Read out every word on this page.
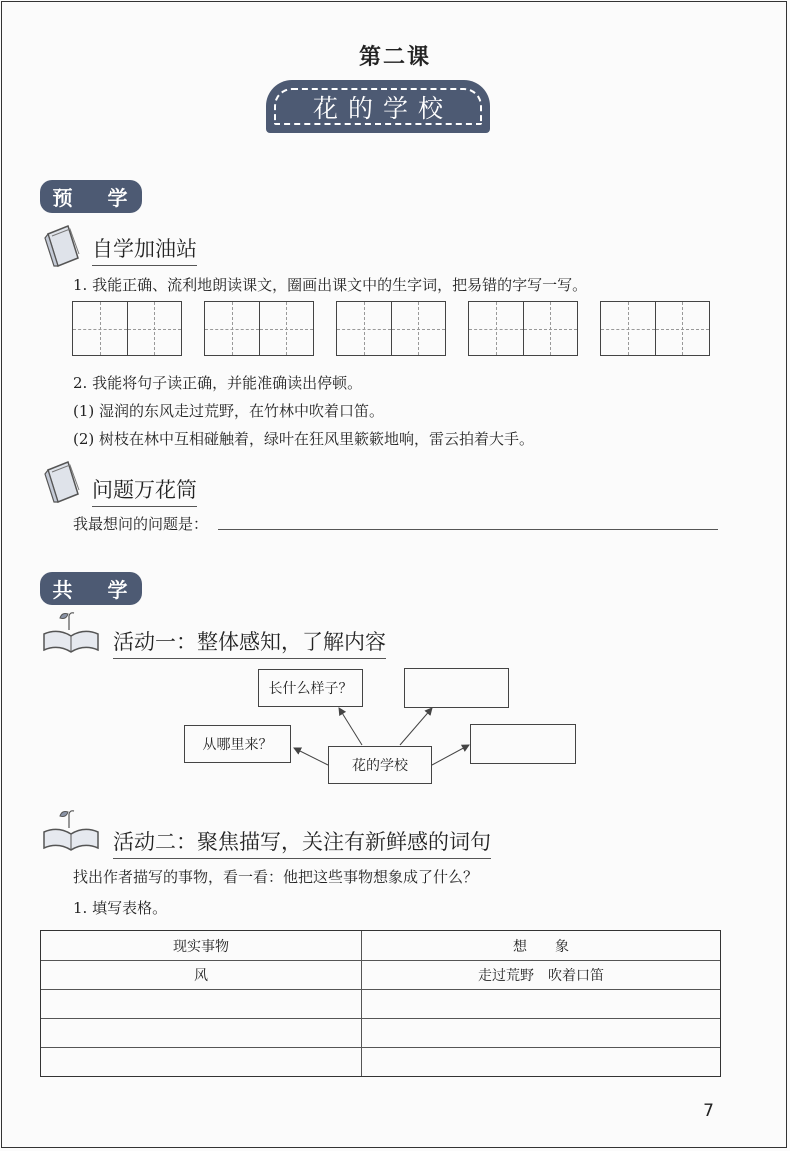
第二课
花的学校
预 学
自学加油站
1. 我能正确、流利地朗读课文，圈画出课文中的生字词，把易错的字写一写。
2. 我能将句子读正确，并能准确读出停顿。
(1) 湿润的东风走过荒野，在竹林中吹着口笛。
(2) 树枝在林中互相碰触着，绿叶在狂风里簌簌地响，雷云拍着大手。
问题万花筒
我最想问的问题是：
共 学
活动一：整体感知，了解内容
花的学校
长什么样子？
从哪里来？
活动二：聚焦描写，关注有新鲜感的词句
找出作者描写的事物，看一看：他把这些事物想象成了什么？
1. 填写表格。
现实事物	想　　象
风	走过荒野　吹着口笛
7
